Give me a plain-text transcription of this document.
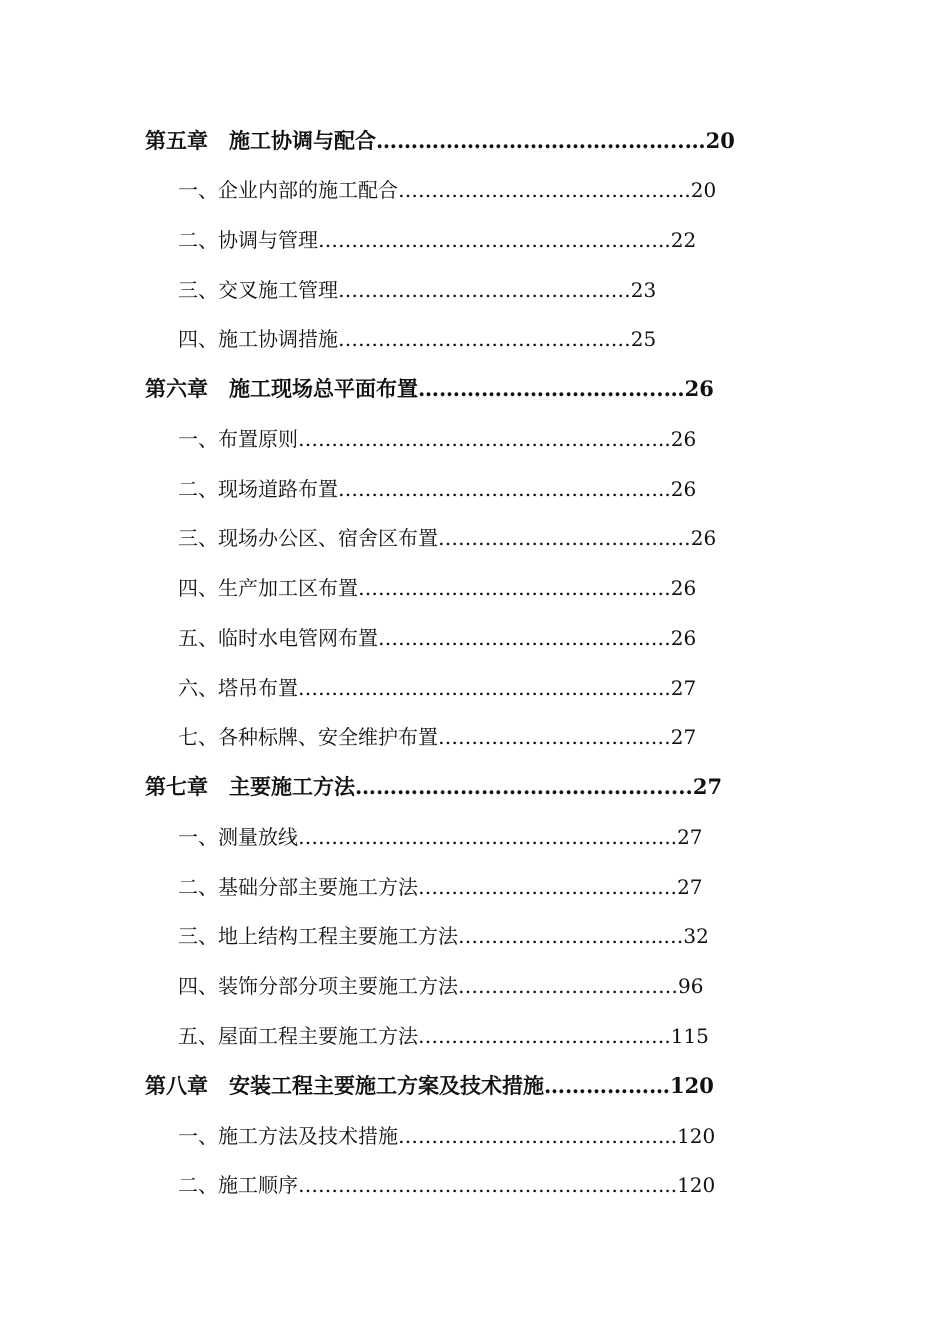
第五章　施工协调与配合……………………………………..…20
一、企业内部的施工配合……………………………………..20
二、协调与管理……………………………………………..22
三、交叉施工管理…………………………………..…23
四、施工协调措施…………………………………..…25
第六章　施工现场总平面布置……………………………..…26
一、布置原则………………………………………………..26
二、现场道路布置…………………………………………..26
三、现场办公区、宿舍区布置……………………………..…26
四、生产加工区布置……………………………………..…26
五、临时水电管网布置…………………………………..…26
六、塔吊布置………………………………………………..27
七、各种标牌、安全维护布置…………………………..…27
第七章　主要施工方法……………………………………......27
一、测量放线…………………………………………….…..27
二、基础分部主要施工方法……………………………...…27
三、地上结构工程主要施工方法………………………....…32
四、装饰分部分项主要施工方法……………………………96
五、屋面工程主要施工方法…………………………….….115
第八章　安装工程主要施工方案及技术措施………………120
一、施工方法及技术措施…………………………………...120
二、施工顺序………………………………………………...120
